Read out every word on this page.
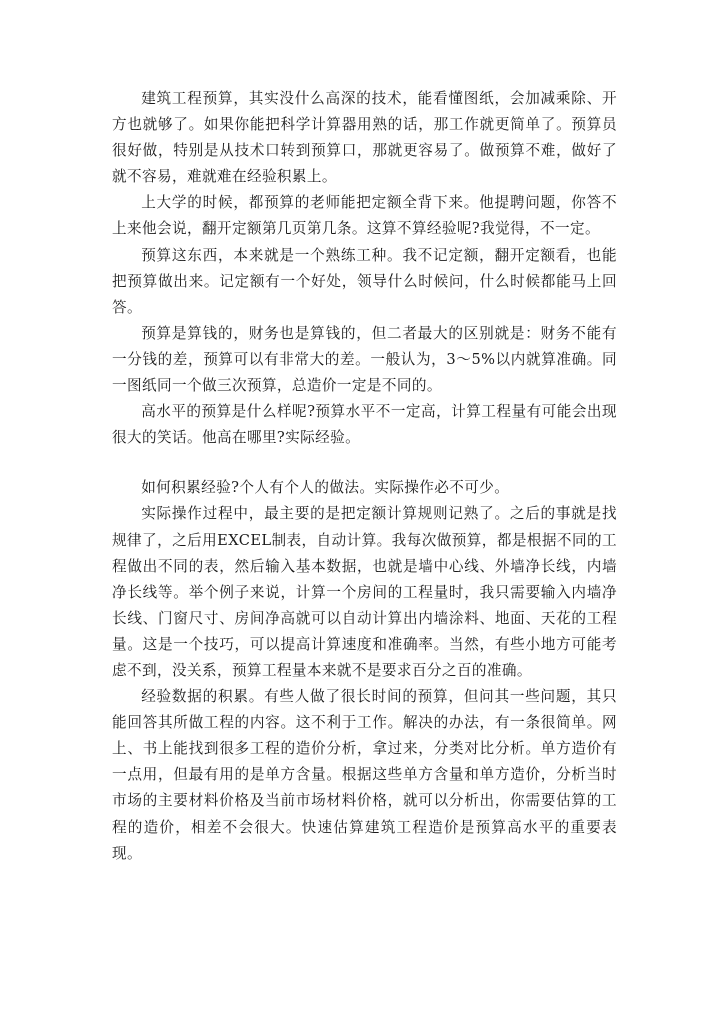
建筑工程预算，其实没什么高深的技术，能看懂图纸，会加减乘除、开方也就够了。如果你能把科学计算器用熟的话，那工作就更简单了。预算员很好做，特别是从技术口转到预算口，那就更容易了。做预算不难，做好了就不容易，难就难在经验积累上。

上大学的时候，都预算的老师能把定额全背下来。他提聘问题，你答不上来他会说，翻开定额第几页第几条。这算不算经验呢?我觉得，不一定。

预算这东西，本来就是一个熟练工种。我不记定额，翻开定额看，也能把预算做出来。记定额有一个好处，领导什么时候问，什么时候都能马上回答。

预算是算钱的，财务也是算钱的，但二者最大的区别就是：财务不能有一分钱的差，预算可以有非常大的差。一般认为，3～5%以内就算准确。同一图纸同一个做三次预算，总造价一定是不同的。

高水平的预算是什么样呢?预算水平不一定高，计算工程量有可能会出现很大的笑话。他高在哪里?实际经验。

如何积累经验?个人有个人的做法。实际操作必不可少。

实际操作过程中，最主要的是把定额计算规则记熟了。之后的事就是找规律了，之后用EXCEL制表，自动计算。我每次做预算，都是根据不同的工程做出不同的表，然后输入基本数据，也就是墙中心线、外墙净长线，内墙净长线等。举个例子来说，计算一个房间的工程量时，我只需要输入内墙净长线、门窗尺寸、房间净高就可以自动计算出内墙涂料、地面、天花的工程量。这是一个技巧，可以提高计算速度和准确率。当然，有些小地方可能考虑不到，没关系，预算工程量本来就不是要求百分之百的准确。

经验数据的积累。有些人做了很长时间的预算，但问其一些问题，其只能回答其所做工程的内容。这不利于工作。解决的办法，有一条很简单。网上、书上能找到很多工程的造价分析，拿过来，分类对比分析。单方造价有一点用，但最有用的是单方含量。根据这些单方含量和单方造价，分析当时市场的主要材料价格及当前市场材料价格，就可以分析出，你需要估算的工程的造价，相差不会很大。快速估算建筑工程造价是预算高水平的重要表现。
